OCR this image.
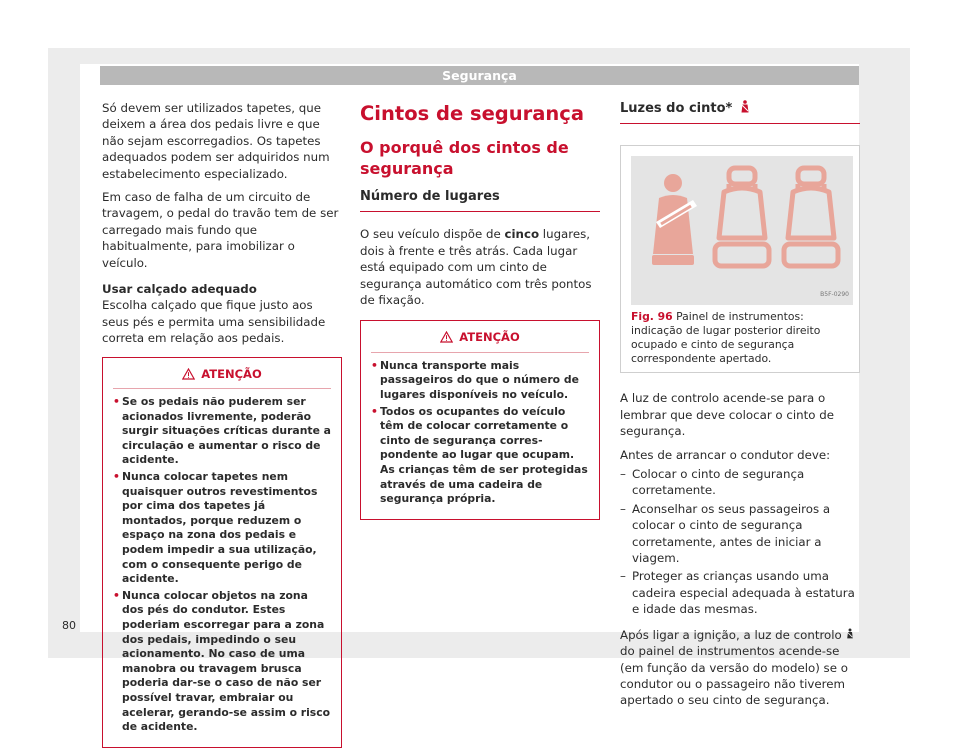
Segurança

Só devem ser utilizados tapetes, que deixem a área dos pedais livre e que não sejam escorregadios. Os tapetes adequados podem ser adquiridos num estabelecimento especializado.

Em caso de falha de um circuito de travagem, o pedal do travão tem de ser carregado mais fundo que habitualmente, para imobilizar o veículo.

Usar calçado adequado

Escolha calçado que fique justo aos seus pés e permita uma sensibilidade correta em relação aos pedais.

ATENÇÃO
• Se os pedais não puderem ser acionados livremente, poderão surgir situações críticas durante a circulação e aumentar o risco de acidente.
• Nunca colocar tapetes nem quaisquer outros revestimentos por cima dos tapetes já montados, porque reduzem o espaço na zona dos pedais e podem impedir a sua utilização, com o consequente perigo de acidente.
• Nunca colocar objetos na zona dos pés do condutor. Estes poderiam escorregar para a zona dos pedais, impedindo o seu acionamento. No caso de uma manobra ou travagem brusca poderia dar-se o caso de não ser possível travar, embraiar ou acelerar, gerando-se assim o risco de acidente.
Cintos de segurança
O porquê dos cintos de segurança
Número de lugares

O seu veículo dispõe de cinco lugares, dois à frente e três atrás. Cada lugar está equipado com um cinto de segurança automático com três pontos de fixação.

ATENÇÃO
• Nunca transporte mais passageiros do que o número de lugares disponíveis no veículo.
• Todos os ocupantes do veículo têm de colocar corretamente o cinto de segurança correspondente ao lugar que ocupam. As crianças têm de ser protegidas através de uma cadeira de segurança própria.
Luzes do cinto*
B5F-0290
Fig. 96 Painel de instrumentos: indicação de lugar posterior direito ocupado e cinto de segurança correspondente apertado.

A luz de controlo acende-se para o lembrar que deve colocar o cinto de segurança.

Antes de arrancar o condutor deve:

– Colocar o cinto de segurança corretamente.
– Aconselhar os seus passageiros a colocar o cinto de segurança corretamente, antes de iniciar a viagem.
– Proteger as crianças usando uma cadeira especial adequada à estatura e idade das mesmas.

Após ligar a ignição, a luz de controlo  do painel de instrumentos acende-se (em função da versão do modelo) se o condutor ou o passageiro não tiverem apertado o seu cinto de segurança.

80
